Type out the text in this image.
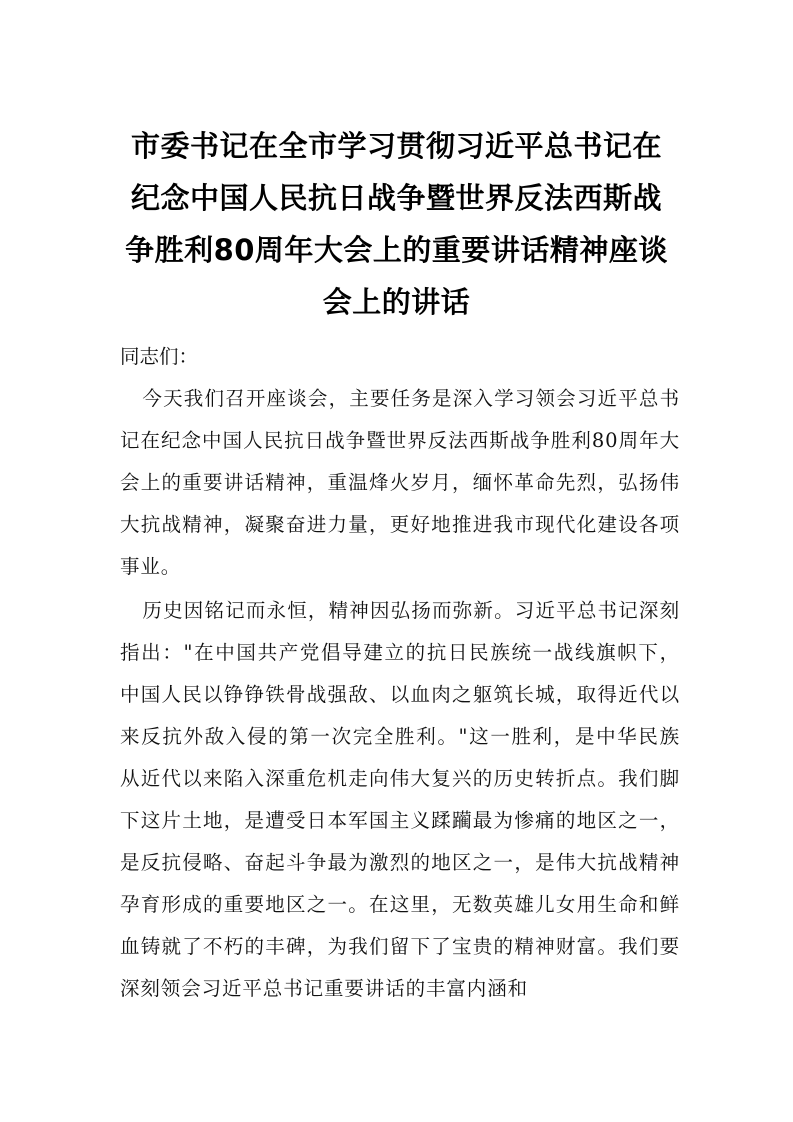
市委书记在全市学习贯彻习近平总书记在纪念中国人民抗日战争暨世界反法西斯战争胜利80周年大会上的重要讲话精神座谈会上的讲话

同志们：

今天我们召开座谈会，主要任务是深入学习领会习近平总书记在纪念中国人民抗日战争暨世界反法西斯战争胜利80周年大会上的重要讲话精神，重温烽火岁月，缅怀革命先烈，弘扬伟大抗战精神，凝聚奋进力量，更好地推进我市现代化建设各项事业。

历史因铭记而永恒，精神因弘扬而弥新。习近平总书记深刻指出："在中国共产党倡导建立的抗日民族统一战线旗帜下，中国人民以铮铮铁骨战强敌、以血肉之躯筑长城，取得近代以来反抗外敌入侵的第一次完全胜利。"这一胜利，是中华民族从近代以来陷入深重危机走向伟大复兴的历史转折点。我们脚下这片土地，是遭受日本军国主义蹂躏最为惨痛的地区之一，是反抗侵略、奋起斗争最为激烈的地区之一，是伟大抗战精神孕育形成的重要地区之一。在这里，无数英雄儿女用生命和鲜血铸就了不朽的丰碑，为我们留下了宝贵的精神财富。我们要深刻领会习近平总书记重要讲话的丰富内涵和
